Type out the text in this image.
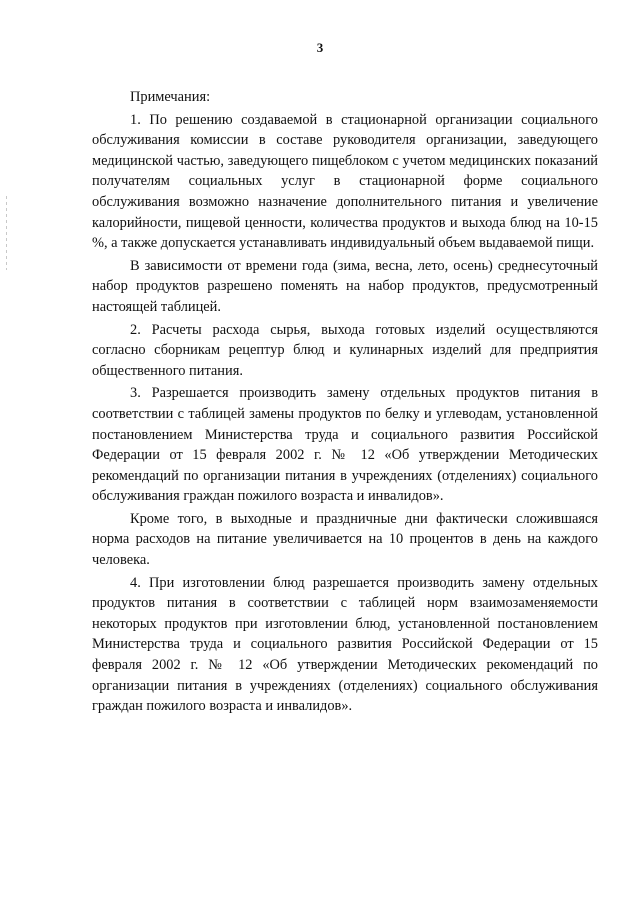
3

Примечания:

1. По решению создаваемой в стационарной организации социального обслуживания комиссии в составе руководителя организации, заведующего медицинской частью, заведующего пищеблоком с учетом медицинских показаний получателям социальных услуг в стационарной форме социального обслуживания возможно назначение дополнительного питания и увеличение калорийности, пищевой ценности, количества продуктов и выхода блюд на 10-15 %, а также допускается устанавливать индивидуальный объем выдаваемой пищи.

В зависимости от времени года (зима, весна, лето, осень) среднесуточный набор продуктов разрешено поменять на набор продуктов, предусмотренный настоящей таблицей.

2. Расчеты расхода сырья, выхода готовых изделий осуществляются согласно сборникам рецептур блюд и кулинарных изделий для предприятия общественного питания.

3. Разрешается производить замену отдельных продуктов питания в соответствии с таблицей замены продуктов по белку и углеводам, установленной постановлением Министерства труда и социального развития Российской Федерации от 15 февраля 2002 г. № 12 «Об утверждении Методических рекомендаций по организации питания в учреждениях (отделениях) социального обслуживания граждан пожилого возраста и инвалидов».

Кроме того, в выходные и праздничные дни фактически сложившаяся норма расходов на питание увеличивается на 10 процентов в день на каждого человека.

4. При изготовлении блюд разрешается производить замену отдельных продуктов питания в соответствии с таблицей норм взаимозаменяемости некоторых продуктов при изготовлении блюд, установленной постановлением Министерства труда и социального развития Российской Федерации от 15 февраля 2002 г. № 12 «Об утверждении Методических рекомендаций по организации питания в учреждениях (отделениях) социального обслуживания граждан пожилого возраста и инвалидов».
